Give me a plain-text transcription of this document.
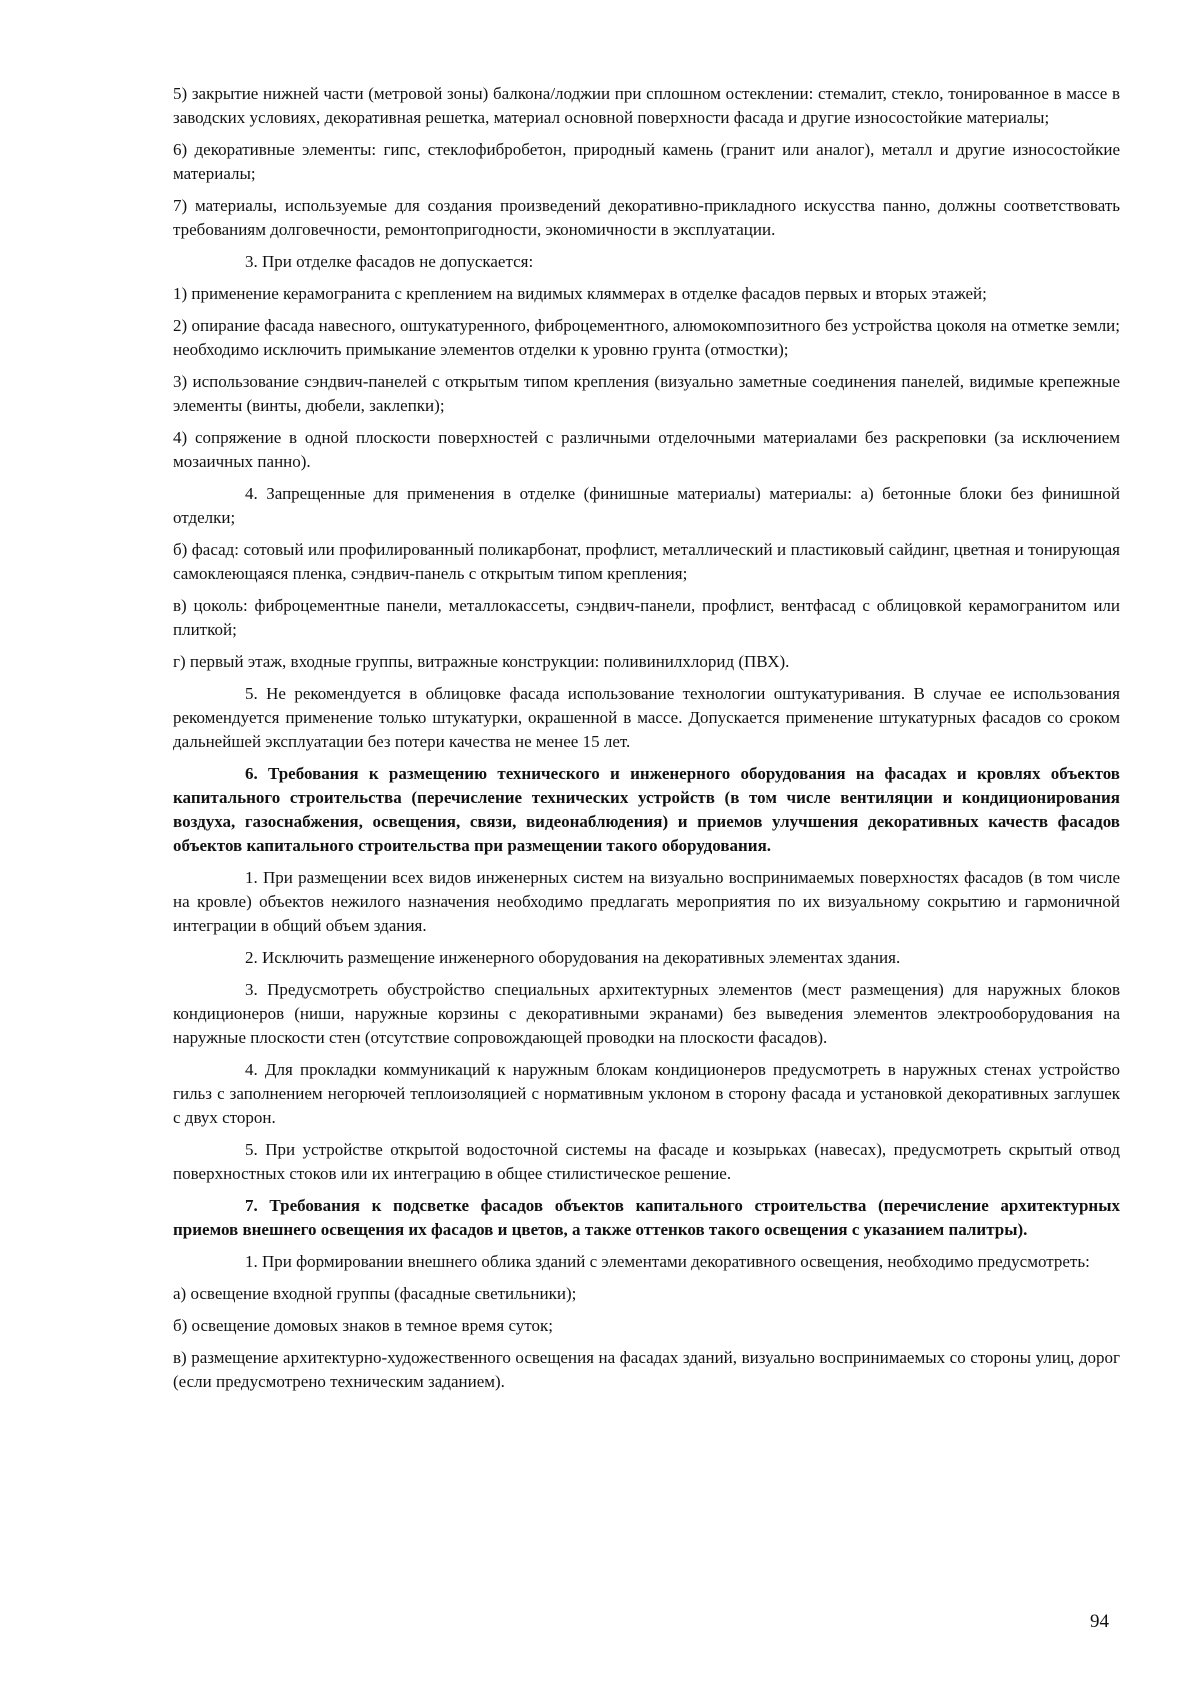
5) закрытие нижней части (метровой зоны) балкона/лоджии при сплошном остеклении: стемалит, стекло, тонированное в массе в заводских условиях, декоративная решетка, материал основной поверхности фасада и другие износостойкие материалы;

6) декоративные элементы: гипс, стеклофибробетон, природный камень (гранит или аналог), металл и другие износостойкие материалы;

7) материалы, используемые для создания произведений декоративно-прикладного искусства панно, должны соответствовать требованиям долговечности, ремонтопригодности, экономичности в эксплуатации.

3. При отделке фасадов не допускается:

1) применение керамогранита с креплением на видимых кляммерах в отделке фасадов первых и вторых этажей;

2) опирание фасада навесного, оштукатуренного, фиброцементного, алюмокомпозитного без устройства цоколя на отметке земли; необходимо исключить примыкание элементов отделки к уровню грунта (отмостки);

3) использование сэндвич-панелей с открытым типом крепления (визуально заметные соединения панелей, видимые крепежные элементы (винты, дюбели, заклепки);

4) сопряжение в одной плоскости поверхностей с различными отделочными материалами без раскреповки (за исключением мозаичных панно).

4. Запрещенные для применения в отделке (финишные материалы) материалы: а) бетонные блоки без финишной отделки;

б) фасад: сотовый или профилированный поликарбонат, профлист, металлический и пластиковый сайдинг, цветная и тонирующая самоклеющаяся пленка, сэндвич-панель с открытым типом крепления;

в) цоколь: фиброцементные панели, металлокассеты, сэндвич-панели, профлист, вентфасад с облицовкой керамогранитом или плиткой;

г) первый этаж, входные группы, витражные конструкции: поливинилхлорид (ПВХ).

5. Не рекомендуется в облицовке фасада использование технологии оштукатуривания. В случае ее использования рекомендуется применение только штукатурки, окрашенной в массе. Допускается применение штукатурных фасадов со сроком дальнейшей эксплуатации без потери качества не менее 15 лет.

6. Требования к размещению технического и инженерного оборудования на фасадах и кровлях объектов капитального строительства (перечисление технических устройств (в том числе вентиляции и кондиционирования воздуха, газоснабжения, освещения, связи, видеонаблюдения) и приемов улучшения декоративных качеств фасадов объектов капитального строительства при размещении такого оборудования.

1. При размещении всех видов инженерных систем на визуально воспринимаемых поверхностях фасадов (в том числе на кровле) объектов нежилого назначения необходимо предлагать мероприятия по их визуальному сокрытию и гармоничной интеграции в общий объем здания.

2. Исключить размещение инженерного оборудования на декоративных элементах здания.

3. Предусмотреть обустройство специальных архитектурных элементов (мест размещения) для наружных блоков кондиционеров (ниши, наружные корзины с декоративными экранами) без выведения элементов электрооборудования на наружные плоскости стен (отсутствие сопровождающей проводки на плоскости фасадов).

4. Для прокладки коммуникаций к наружным блокам кондиционеров предусмотреть в наружных стенах устройство гильз с заполнением негорючей теплоизоляцией с нормативным уклоном в сторону фасада и установкой декоративных заглушек с двух сторон.

5. При устройстве открытой водосточной системы на фасаде и козырьках (навесах), предусмотреть скрытый отвод поверхностных стоков или их интеграцию в общее стилистическое решение.

7. Требования к подсветке фасадов объектов капитального строительства (перечисление архитектурных приемов внешнего освещения их фасадов и цветов, а также оттенков такого освещения с указанием палитры).

1. При формировании внешнего облика зданий с элементами декоративного освещения, необходимо предусмотреть:

а) освещение входной группы (фасадные светильники);

б) освещение домовых знаков в темное время суток;

в) размещение архитектурно-художественного освещения на фасадах зданий, визуально воспринимаемых со стороны улиц, дорог (если предусмотрено техническим заданием).

94
